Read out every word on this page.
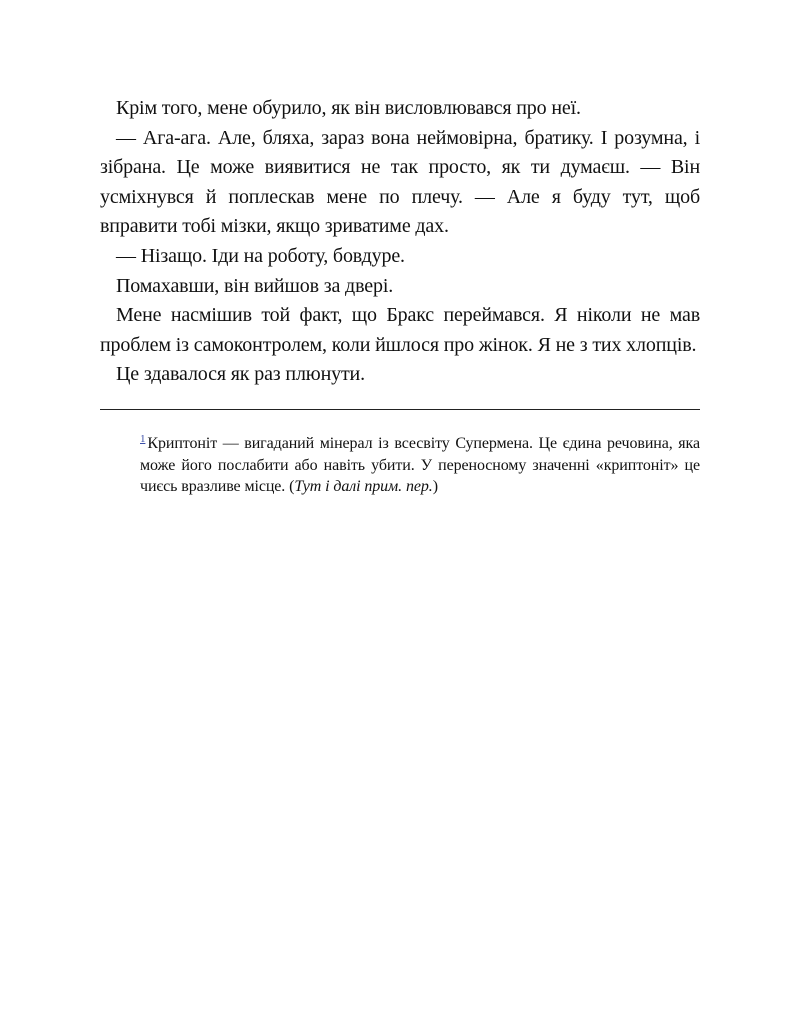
Крім того, мене обурило, як він висловлювався про неї.

— Ага-ага. Але, бляха, зараз вона неймовірна, братику. І розумна, і зібрана. Це може виявитися не так просто, як ти думаєш. — Він усміхнувся й поплескав мене по плечу. — Але я буду тут, щоб вправити тобі мізки, якщо зриватиме дах.

— Нізащо. Іди на роботу, бовдуре.

Помахавши, він вийшов за двері.

Мене насмішив той факт, що Бракс переймався. Я ніколи не мав проблем із самоконтролем, коли йшлося про жінок. Я не з тих хлопців.

Це здавалося як раз плюнути.

$^1$ Криптоніт — вигаданий мінерал із всесвіту Супермена. Це єдина речовина, яка може його послабити або навіть убити. У переносному значенні «криптоніт» це чиєсь вразливе місце. (Тут і далі прим. пер.)
